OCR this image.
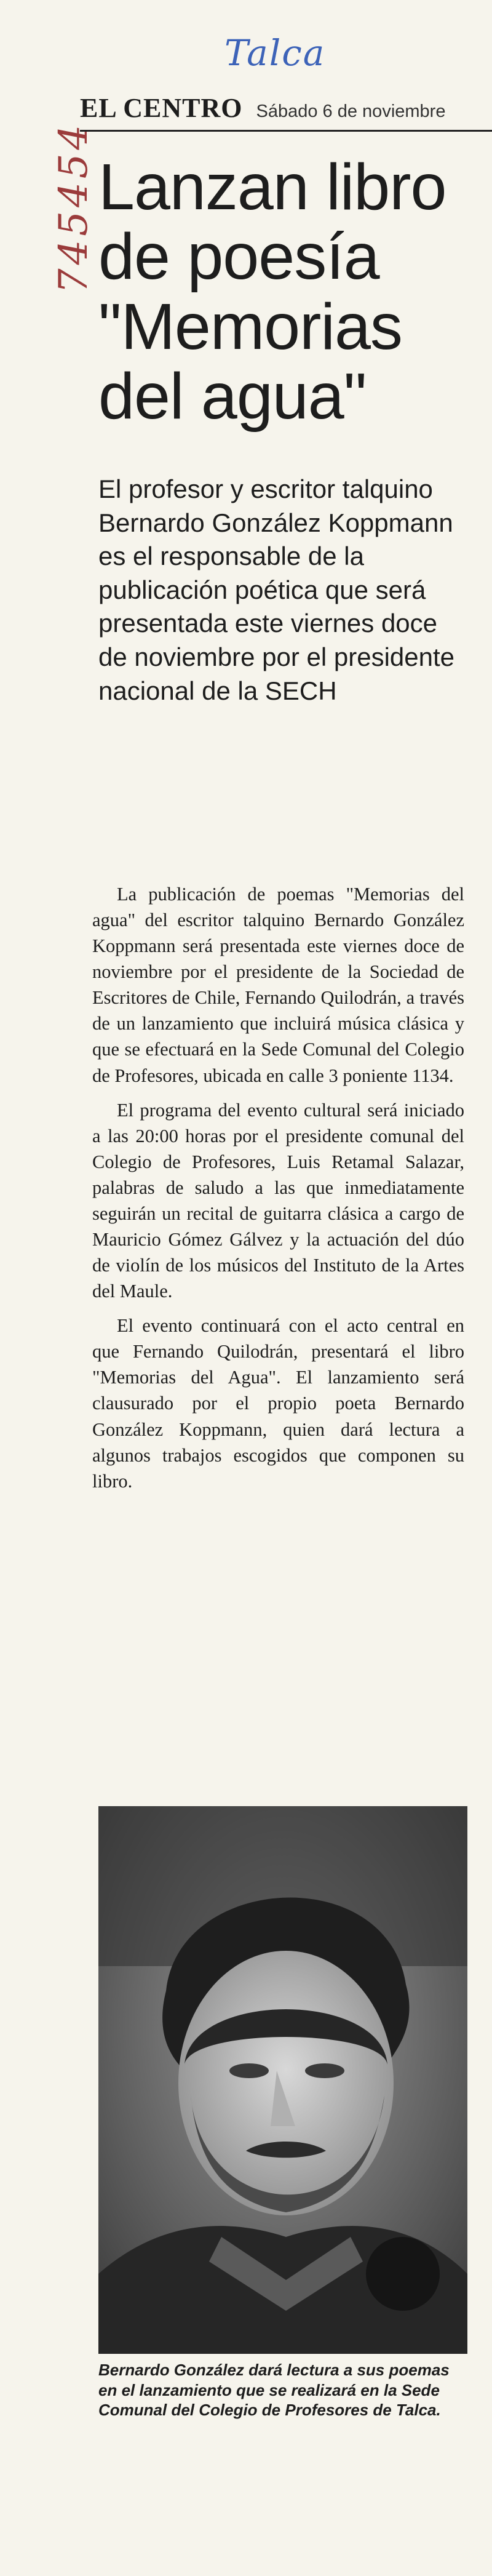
Talca
745454
EL CENTRO Sábado 6 de noviembre
Lanzan libro
de poesía
"Memorias
del agua"

El profesor y escritor talquino Bernardo González Koppmann es el responsable de la publicación poética que será presentada este viernes doce de noviembre por el presidente nacional de la SECH

La publicación de poemas "Memorias del agua" del escritor talquino Bernardo González Koppmann será presentada este viernes doce de noviembre por el presidente de la Sociedad de Escritores de Chile, Fernando Quilodrán, a través de un lanzamiento que incluirá música clásica y que se efectuará en la Sede Comunal del Colegio de Profesores, ubicada en calle 3 poniente 1134.

El programa del evento cultural será iniciado a las 20:00 horas por el presidente comunal del Colegio de Profesores, Luis Retamal Salazar, palabras de saludo a las que inmediatamente seguirán un recital de guitarra clásica a cargo de Mauricio Gómez Gálvez y la actuación del dúo de violín de los músicos del Instituto de la Artes del Maule.

El evento continuará con el acto central en que Fernando Quilodrán, presentará el libro "Memorias del Agua". El lanzamiento será clausurado por el propio poeta Bernardo González Koppmann, quien dará lectura a algunos trabajos escogidos que componen su libro.

Bernardo González dará lectura a sus poemas en el lanzamiento que se realizará en la Sede Comunal del Colegio de Profesores de Talca.
